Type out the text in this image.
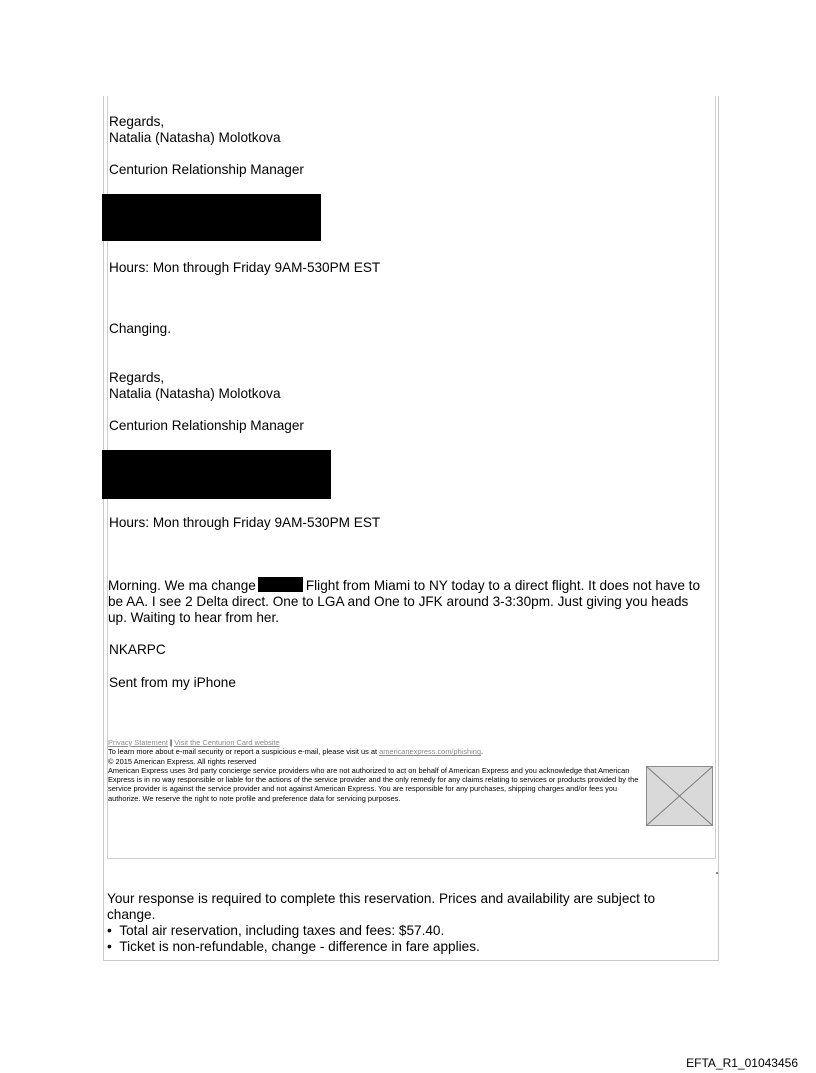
Regards,
Natalia (Natasha) Molotkova
Centurion Relationship Manager
Hours: Mon through Friday 9AM-530PM EST
Changing.
Regards,
Natalia (Natasha) Molotkova
Centurion Relationship Manager
Hours: Mon through Friday 9AM-530PM EST
Morning. We ma change	Flight from Miami to NY today to a direct flight. It does not have to be AA. I see 2 Delta direct. One to LGA and One to JFK around 3-3:30pm. Just giving you heads up. Waiting to hear from her.
NKARPC
Sent from my iPhone
Privacy Statement | Visit the Centurion Card website
To learn more about e-mail security or report a suspicious e-mail, please visit us at americanexpress.com/phishing.
© 2015 American Express. All rights reserved
American Express uses 3rd party concierge service providers who are not authorized to act on behalf of American Express and you acknowledge that American Express is in no way responsible or liable for the actions of the service provider and the only remedy for any claims relating to services or products provided by the service provider is against the service provider and not against American Express. You are responsible for any purchases, shipping charges and/or fees you authorize. We reserve the right to note profile and preference data for servicing purposes.
Your response is required to complete this reservation. Prices and availability are subject to change.
•  Total air reservation, including taxes and fees: $57.40.
•  Ticket is non-refundable, change - difference in fare applies.
EFTA_R1_01043456
